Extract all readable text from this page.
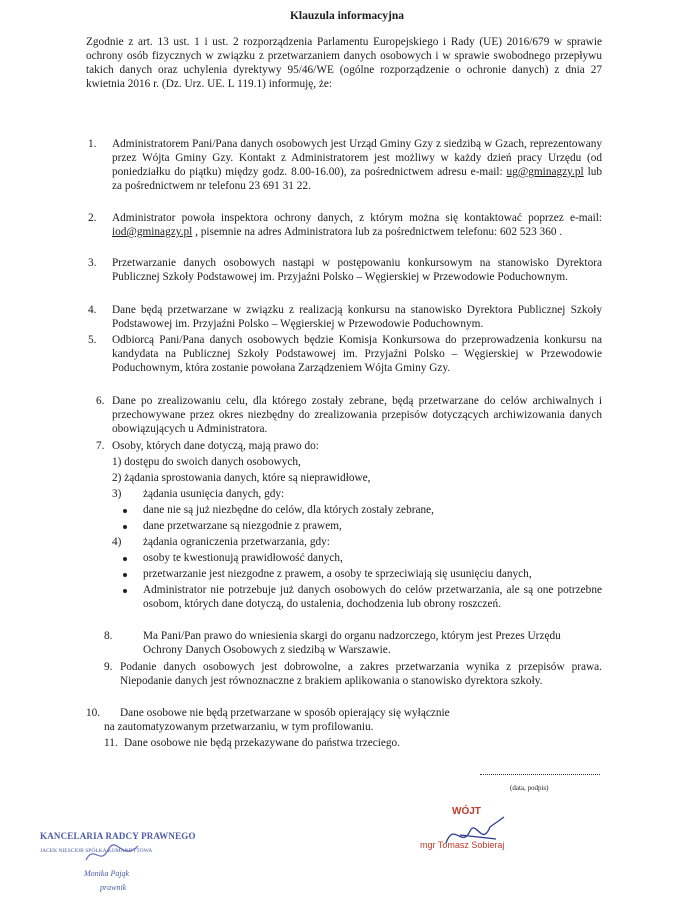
Klauzula informacyjna
Zgodnie z art. 13 ust. 1 i ust. 2 rozporządzenia Parlamentu Europejskiego i Rady (UE) 2016/679 w sprawie ochrony osób fizycznych w związku z przetwarzaniem danych osobowych i w sprawie swobodnego przepływu takich danych oraz uchylenia dyrektywy 95/46/WE (ogólne rozporządzenie o ochronie danych) z dnia 27 kwietnia 2016 r. (Dz. Urz. UE. L 119.1) informuję, że:
1. Administratorem Pani/Pana danych osobowych jest Urząd Gminy Gzy z siedzibą w Gzach, reprezentowany przez Wójta Gminy Gzy. Kontakt z Administratorem jest możliwy w każdy dzień pracy Urzędu (od poniedziałku do piątku) między godz. 8.00-16.00), za pośrednictwem adresu e-mail: ug@gminagzy.pl lub za pośrednictwem nr telefonu 23 691 31 22.
2. Administrator powoła inspektora ochrony danych, z którym można się kontaktować poprzez e-mail: iod@gminagzy.pl , pisemnie na adres Administratora lub za pośrednictwem telefonu: 602 523 360 .
3. Przetwarzanie danych osobowych nastąpi w postępowaniu konkursowym na stanowisko Dyrektora Publicznej Szkoły Podstawowej im. Przyjaźni Polsko – Węgierskiej w Przewodowie Poduchownym.
4. Dane będą przetwarzane w związku z realizacją konkursu na stanowisko Dyrektora Publicznej Szkoły Podstawowej im. Przyjaźni Polsko – Węgierskiej w Przewodowie Poduchownym.
5. Odbiorcą Pani/Pana danych osobowych będzie Komisja Konkursowa do przeprowadzenia konkursu na kandydata na Publicznej Szkoły Podstawowej im. Przyjaźni Polsko – Węgierskiej w Przewodowie Poduchownym, która zostanie powołana Zarządzeniem Wójta Gminy Gzy.
6. Dane po zrealizowaniu celu, dla którego zostały zebrane, będą przetwarzane do celów archiwalnych i przechowywane przez okres niezbędny do zrealizowania przepisów dotyczących archiwizowania danych obowiązujących u Administratora.
7. Osoby, których dane dotyczą, mają prawo do:
1) dostępu do swoich danych osobowych,
2) żądania sprostowania danych, które są nieprawidłowe,
3) żądania usunięcia danych, gdy:
dane nie są już niezbędne do celów, dla których zostały zebrane,
dane przetwarzane są niezgodnie z prawem,
4) żądania ograniczenia przetwarzania, gdy:
osoby te kwestionują prawidłowość danych,
przetwarzanie jest niezgodne z prawem, a osoby te sprzeciwiają się usunięciu danych,
Administrator nie potrzebuje już danych osobowych do celów przetwarzania, ale są one potrzebne osobom, których dane dotyczą, do ustalenia, dochodzenia lub obrony roszczeń.
8.	Ma Pani/Pan prawo do wniesienia skargi do organu nadzorczego, którym jest Prezes Urzędu Ochrony Danych Osobowych z siedzibą w Warszawie.
9. Podanie danych osobowych jest dobrowolne, a zakres przetwarzania wynika z przepisów prawa. Niepodanie danych jest równoznaczne z brakiem aplikowania o stanowisko dyrektora szkoły.
10. Dane osobowe nie będą przetwarzane w sposób opierający się wyłącznie
na zautomatyzowanym przetwarzaniu, w tym profilowaniu.
11. Dane osobowe nie będą przekazywane do państwa trzeciego.
(data, podpis)
KANCELARIA RADCY PRAWNEGO
JACEK NIESCIOR SPÓŁKA KOMANDYTOWA
Monika Pająk
prawnik
WÓJT
mgr Tomasz Sobieraj
